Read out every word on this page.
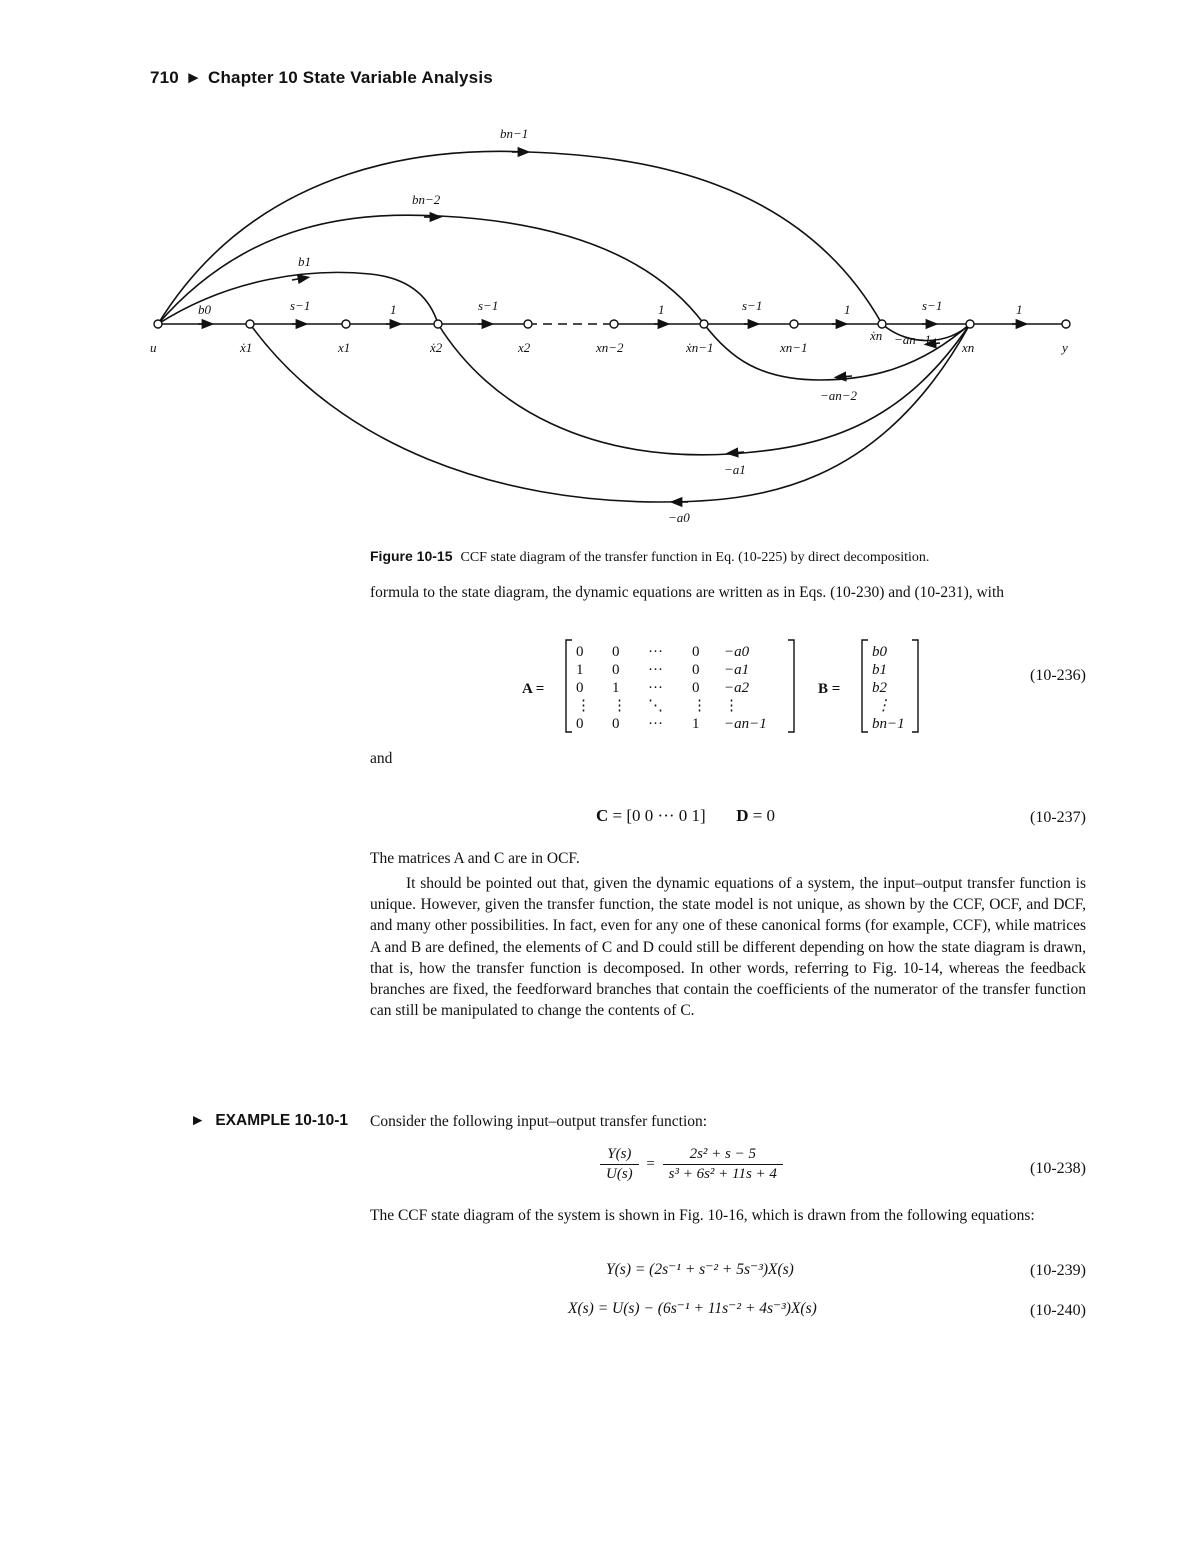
710 ► Chapter 10 State Variable Analysis
bn−1
bn−2
b1
b0	s−1	1	s−1	1	s−1	1	s−1	1
−an−2
−a1
−a0
−an−1
u	ẋ1	x1	ẋ2	x2	xn−2	ẋn−1	xn−1
ẋn
xn	y
Figure 10-15 CCF state diagram of the transfer function in Eq. (10-225) by direct decomposition.
formula to the state diagram, the dynamic equations are written as in Eqs. (10-230) and (10-231), with
A =
0 0 ··· 0 −a0
1 0 ··· 0 −a1
0 1 ··· 0 −a2
⋮ ⋮ ⋱ ⋮ ⋮
0 0 ··· 1 −an−1
B =
b0
b1
b2
⋮
bn−1
(10-236)
and
C = [0 0 ··· 0 1] D = 0	(10-237)
The matrices A and C are in OCF.
It should be pointed out that, given the dynamic equations of a system, the input–output transfer function is unique. However, given the transfer function, the state model is not unique, as shown by the CCF, OCF, and DCF, and many other possibilities. In fact, even for any one of these canonical forms (for example, CCF), while matrices A and B are defined, the elements of C and D could still be different depending on how the state diagram is drawn, that is, how the transfer function is decomposed. In other words, referring to Fig. 10-14, whereas the feedback branches are fixed, the feedforward branches that contain the coefficients of the numerator of the transfer function can still be manipulated to change the contents of C.
► EXAMPLE 10-10-1 Consider the following input–output transfer function:
$\frac{Y(s)}{U(s)} = \frac{\text{2s² + s − 5}}{\text{s³ + 6s² + 11s + 4}}$	(10-238)
The CCF state diagram of the system is shown in Fig. 10-16, which is drawn from the following equations:
Y(s) = (2s⁻¹ + s⁻² + 5s⁻³)X(s)	(10-239)
X(s) = U(s) − (6s⁻¹ + 11s⁻² + 4s⁻³)X(s)	(10-240)
